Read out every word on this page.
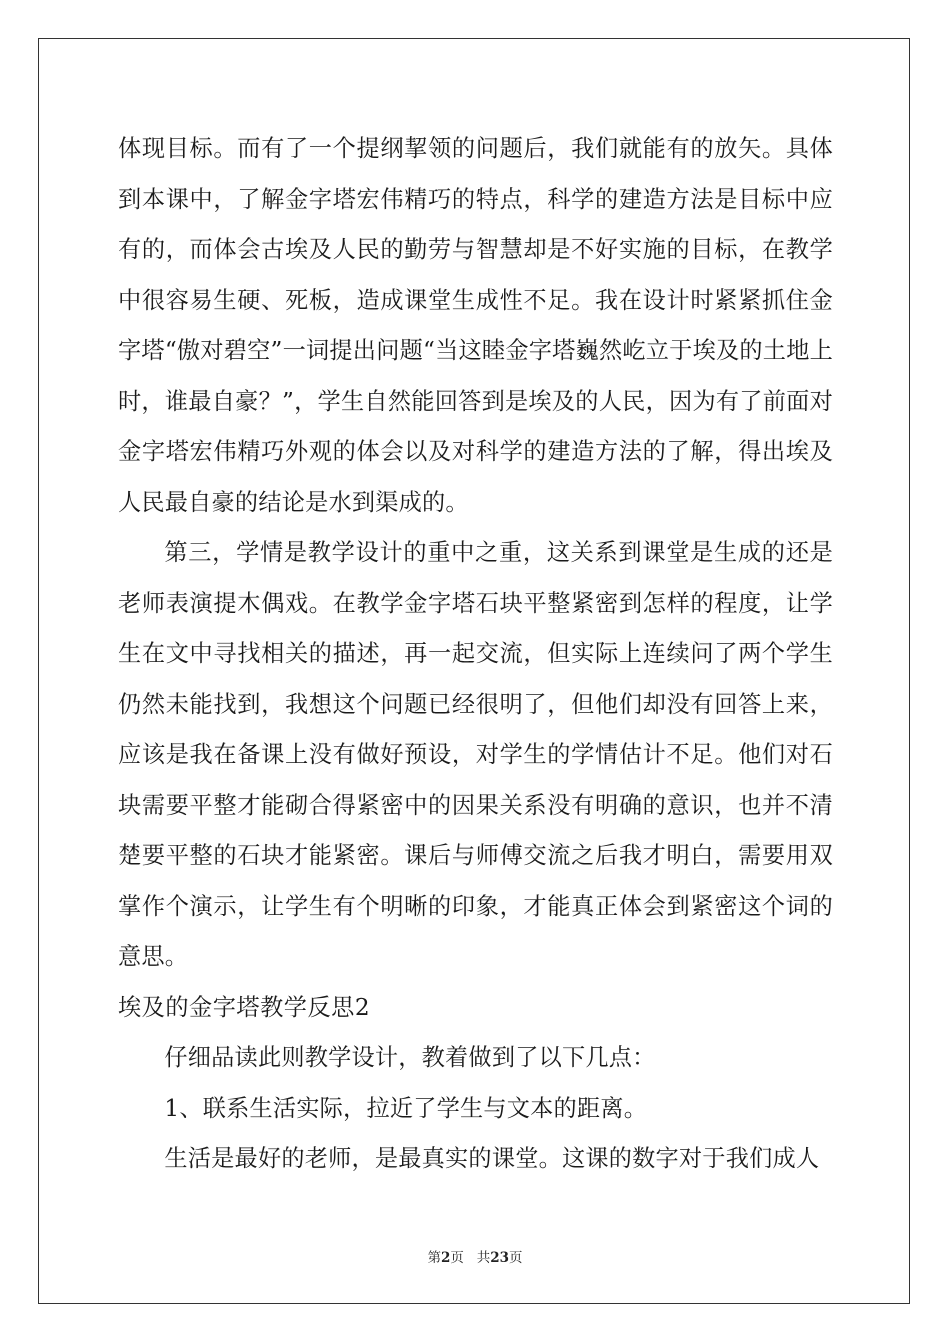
体现目标。而有了一个提纲挈领的问题后，我们就能有的放矢。具体到本课中，了解金字塔宏伟精巧的特点，科学的建造方法是目标中应有的，而体会古埃及人民的勤劳与智慧却是不好实施的目标，在教学中很容易生硬、死板，造成课堂生成性不足。我在设计时紧紧抓住金字塔“傲对碧空”一词提出问题“当这睦金字塔巍然屹立于埃及的土地上时，谁最自豪？”，学生自然能回答到是埃及的人民，因为有了前面对金字塔宏伟精巧外观的体会以及对科学的建造方法的了解，得出埃及人民最自豪的结论是水到渠成的。

第三，学情是教学设计的重中之重，这关系到课堂是生成的还是老师表演提木偶戏。在教学金字塔石块平整紧密到怎样的程度，让学生在文中寻找相关的描述，再一起交流，但实际上连续问了两个学生仍然未能找到，我想这个问题已经很明了，但他们却没有回答上来，应该是我在备课上没有做好预设，对学生的学情估计不足。他们对石块需要平整才能砌合得紧密中的因果关系没有明确的意识，也并不清楚要平整的石块才能紧密。课后与师傅交流之后我才明白，需要用双掌作个演示，让学生有个明晰的印象，才能真正体会到紧密这个词的意思。

埃及的金字塔教学反思2

仔细品读此则教学设计，教着做到了以下几点：

1、联系生活实际，拉近了学生与文本的距离。

生活是最好的老师，是最真实的课堂。这课的数字对于我们成人

第2页 共23页
